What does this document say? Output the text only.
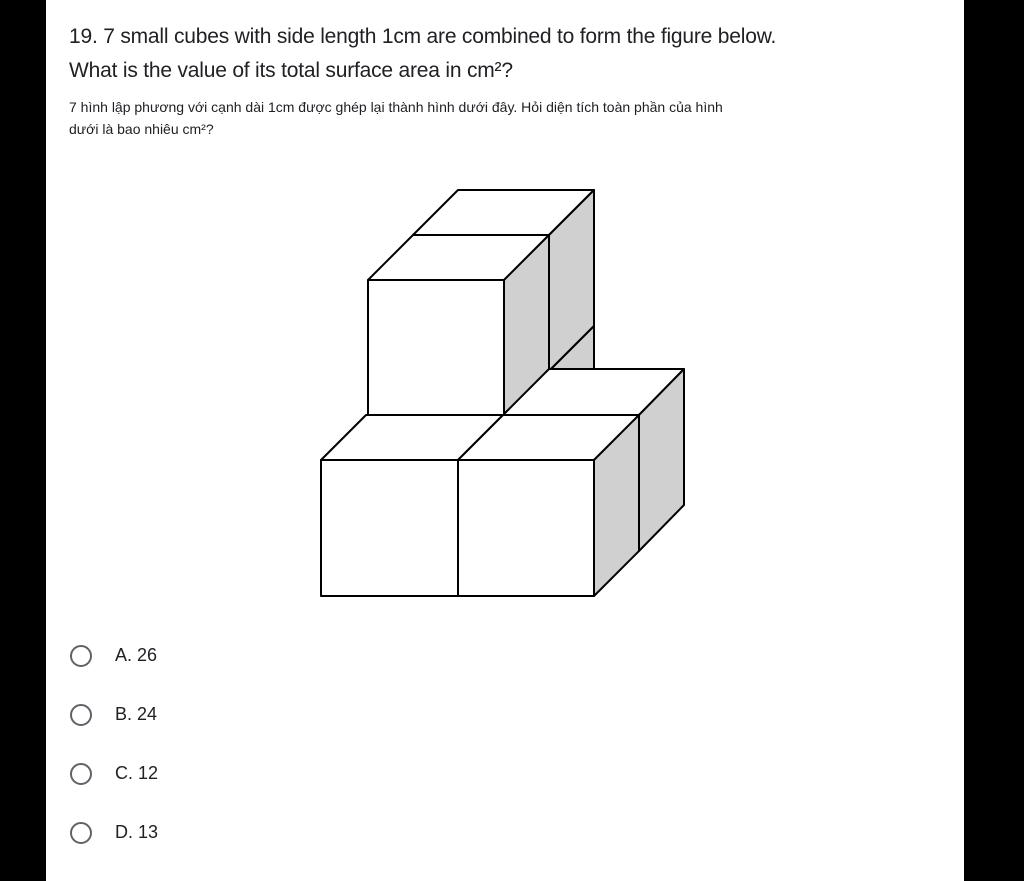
19. 7 small cubes with side length 1cm are combined to form the figure below.
What is the value of its total surface area in cm²?
7 hình lập phương với cạnh dài 1cm được ghép lại thành hình dưới đây. Hỏi diện tích toàn phần của hình
dưới là bao nhiêu cm²?
A. 26
B. 24
C. 12
D. 13
